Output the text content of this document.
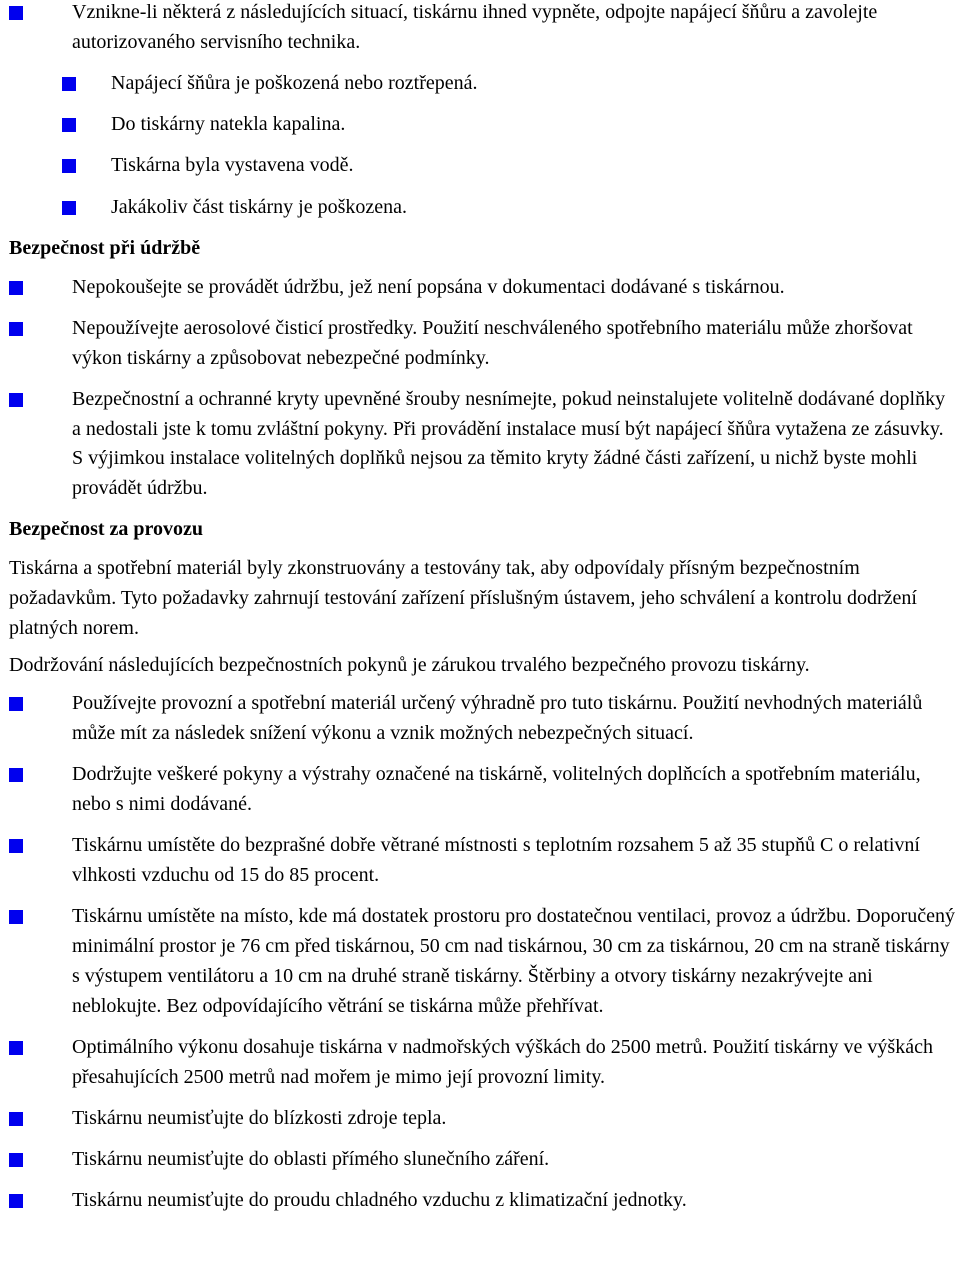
Vznikne-li některá z následujících situací, tiskárnu ihned vypněte, odpojte napájecí šňůru a zavolejte autorizovaného servisního technika.
Napájecí šňůra je poškozená nebo roztřepená.
Do tiskárny natekla kapalina.
Tiskárna byla vystavena vodě.
Jakákoliv část tiskárny je poškozena.
Bezpečnost při údržbě
Nepokoušejte se provádět údržbu, jež není popsána v dokumentaci dodávané s tiskárnou.
Nepoužívejte aerosolové čisticí prostředky. Použití neschváleného spotřebního materiálu může zhoršovat výkon tiskárny a způsobovat nebezpečné podmínky.
Bezpečnostní a ochranné kryty upevněné šrouby nesnímejte, pokud neinstalujete volitelně dodávané doplňky a nedostali jste k tomu zvláštní pokyny. Při provádění instalace musí být napájecí šňůra vytažena ze zásuvky. S výjimkou instalace volitelných doplňků nejsou za těmito kryty žádné části zařízení, u nichž byste mohli provádět údržbu.
Bezpečnost za provozu
Tiskárna a spotřební materiál byly zkonstruovány a testovány tak, aby odpovídaly přísným bezpečnostním požadavkům. Tyto požadavky zahrnují testování zařízení příslušným ústavem, jeho schválení a kontrolu dodržení platných norem.
Dodržování následujících bezpečnostních pokynů je zárukou trvalého bezpečného provozu tiskárny.
Používejte provozní a spotřební materiál určený výhradně pro tuto tiskárnu. Použití nevhodných materiálů může mít za následek snížení výkonu a vznik možných nebezpečných situací.
Dodržujte veškeré pokyny a výstrahy označené na tiskárně, volitelných doplňcích a spotřebním materiálu, nebo s nimi dodávané.
Tiskárnu umístěte do bezprašné dobře větrané místnosti s teplotním rozsahem 5 až 35 stupňů C o relativní vlhkosti vzduchu od 15 do 85 procent.
Tiskárnu umístěte na místo, kde má dostatek prostoru pro dostatečnou ventilaci, provoz a údržbu. Doporučený minimální prostor je 76 cm před tiskárnou, 50 cm nad tiskárnou, 30 cm za tiskárnou, 20 cm na straně tiskárny s výstupem ventilátoru a 10 cm na druhé straně tiskárny. Štěrbiny a otvory tiskárny nezakrývejte ani neblokujte. Bez odpovídajícího větrání se tiskárna může přehřívat.
Optimálního výkonu dosahuje tiskárna v nadmořských výškách do 2500 metrů. Použití tiskárny ve výškách přesahujících 2500 metrů nad mořem je mimo její provozní limity.
Tiskárnu neumisťujte do blízkosti zdroje tepla.
Tiskárnu neumisťujte do oblasti přímého slunečního záření.
Tiskárnu neumisťujte do proudu chladného vzduchu z klimatizační jednotky.
